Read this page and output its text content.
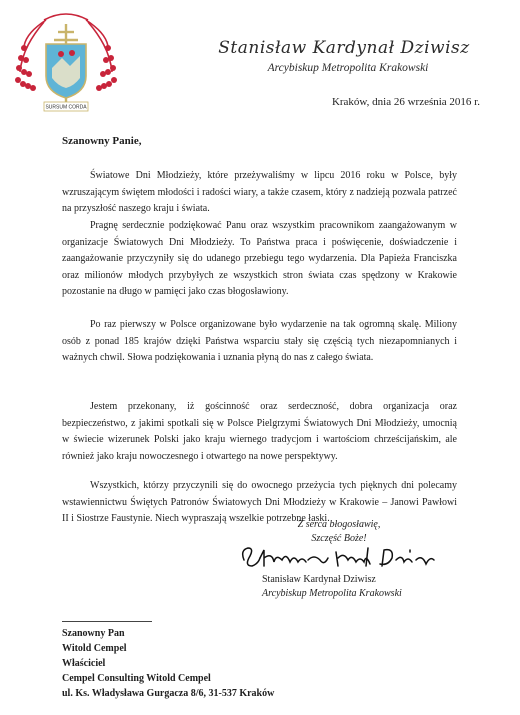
SURSUM CORDA
Stanisław Kardynał Dziwisz
Arcybiskup Metropolita Krakowski
Kraków, dnia 26 września 2016 r.
Szanowny Panie,

Światowe Dni Młodzieży, które przeżywaliśmy w lipcu 2016 roku w Polsce, były wzruszającym świętem młodości i radości wiary, a także czasem, który z nadzieją pozwala patrzeć na przyszłość naszego kraju i świata.

Pragnę serdecznie podziękować Panu oraz wszystkim pracownikom zaangażowanym w organizacje Światowych Dni Młodzieży. To Państwa praca i poświęcenie, doświadczenie i zaangażowanie przyczyniły się do udanego przebiegu tego wydarzenia. Dla Papieża Franciszka oraz milionów młodych przybyłych ze wszystkich stron świata czas spędzony w Krakowie pozostanie na długo w pamięci jako czas błogosławiony.

Po raz pierwszy w Polsce organizowane było wydarzenie na tak ogromną skalę. Miliony osób z ponad 185 krajów dzięki Państwa wsparciu stały się częścią tych niezapomnianych i ważnych chwil. Słowa podziękowania i uznania płyną do nas z całego świata.

Jestem przekonany, iż gościnność oraz serdeczność, dobra organizacja oraz bezpieczeństwo, z jakimi spotkali się w Polsce Pielgrzymi Światowych Dni Młodzieży, umocnią w świecie wizerunek Polski jako kraju wiernego tradycjom i wartościom chrześcijańskim, ale również jako kraju nowoczesnego i otwartego na nowe perspektywy.

Wszystkich, którzy przyczynili się do owocnego przeżycia tych pięknych dni polecamy wstawiennictwu Świętych Patronów Światowych Dni Młodzieży w Krakowie – Janowi Pawłowi II i Siostrze Faustynie. Niech wypraszają wszelkie potrzebne łaski.

Z serca błogosławię,
Szczęść Boże!
Stanisław Kardynał Dziwisz
Arcybiskup Metropolita Krakowski
Szanowny Pan
Witold Cempel
Właściciel
Cempel Consulting Witold Cempel
ul. Ks. Władysława Gurgacza 8/6, 31-537 Kraków
